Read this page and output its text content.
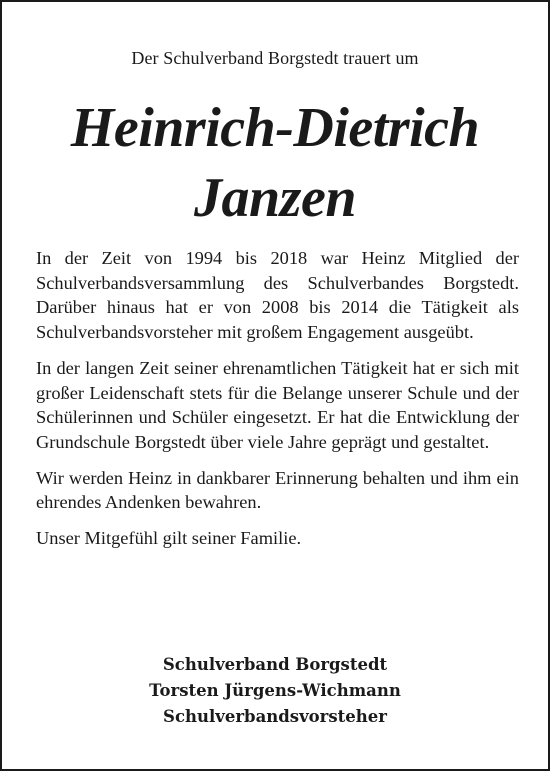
Der Schulverband Borgstedt trauert um
Heinrich-Dietrich
Janzen

In der Zeit von 1994 bis 2018 war Heinz Mitglied der Schulverbandsversammlung des Schulverbandes Borgstedt. Darüber hinaus hat er von 2008 bis 2014 die Tätigkeit als Schulverbandsvorsteher mit großem Engagement ausgeübt.

In der langen Zeit seiner ehrenamtlichen Tätigkeit hat er sich mit großer Leidenschaft stets für die Belange unserer Schule und der Schülerinnen und Schüler eingesetzt. Er hat die Entwicklung der Grundschule Borgstedt über viele Jahre geprägt und gestaltet.

Wir werden Heinz in dankbarer Erinnerung behalten und ihm ein ehrendes Andenken bewahren.

Unser Mitgefühl gilt seiner Familie.

Schulverband Borgstedt
Torsten Jürgens-Wichmann
Schulverbandsvorsteher
